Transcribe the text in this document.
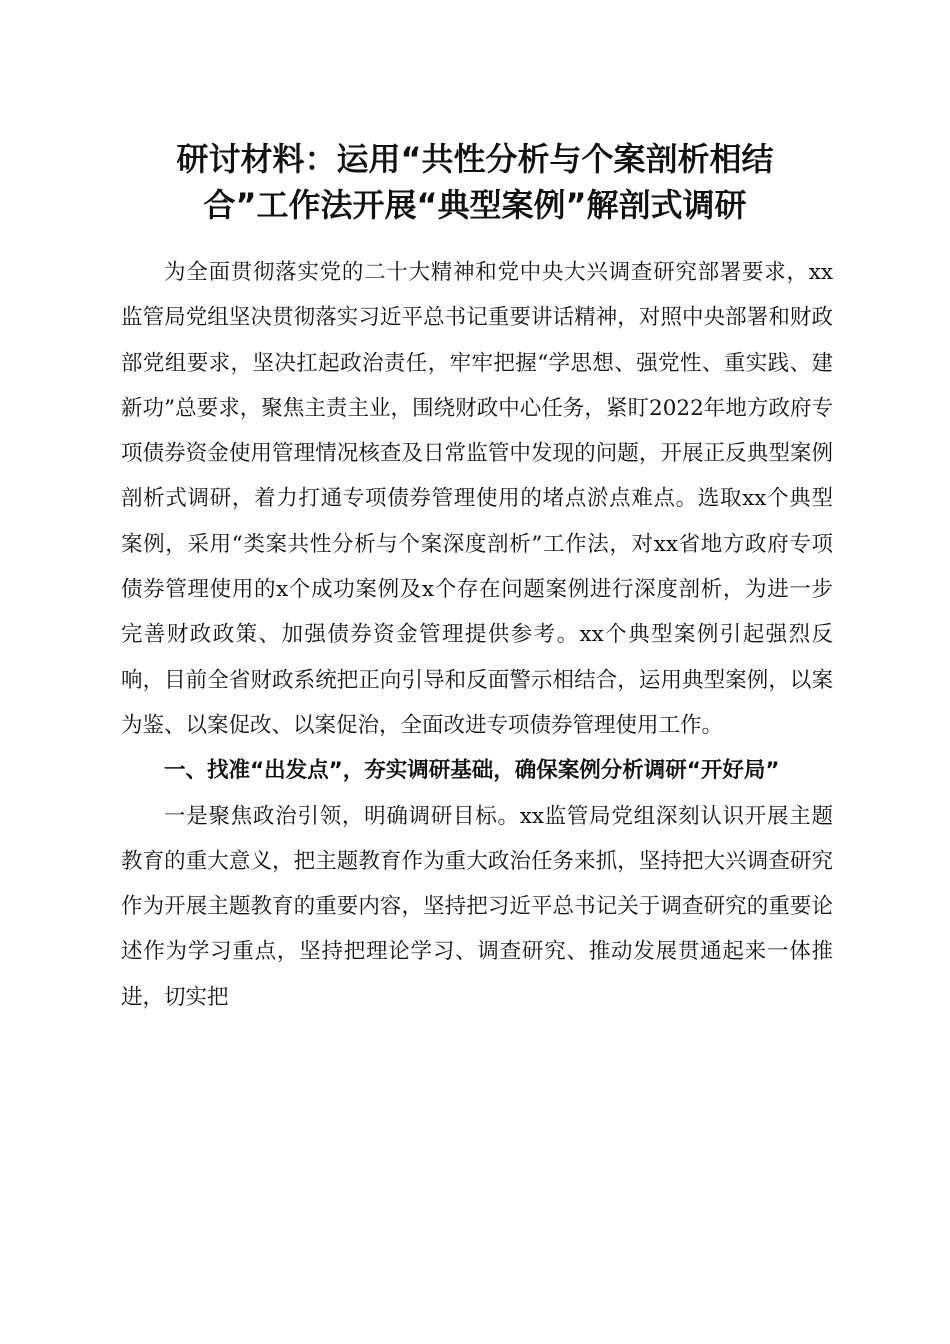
研讨材料：运用“共性分析与个案剖析相结
合”工作法开展“典型案例”解剖式调研

为全面贯彻落实党的二十大精神和党中央大兴调查研究部署要求，xx监管局党组坚决贯彻落实习近平总书记重要讲话精神，对照中央部署和财政部党组要求，坚决扛起政治责任，牢牢把握“学思想、强党性、重实践、建新功”总要求，聚焦主责主业，围绕财政中心任务，紧盯2022年地方政府专项债券资金使用管理情况核查及日常监管中发现的问题，开展正反典型案例剖析式调研，着力打通专项债券管理使用的堵点淤点难点。选取xx个典型案例，采用“类案共性分析与个案深度剖析”工作法，对xx省地方政府专项债券管理使用的x个成功案例及x个存在问题案例进行深度剖析，为进一步完善财政政策、加强债券资金管理提供参考。xx个典型案例引起强烈反响，目前全省财政系统把正向引导和反面警示相结合，运用典型案例，以案为鉴、以案促改、以案促治，全面改进专项债券管理使用工作。

一、找准“出发点”，夯实调研基础，确保案例分析调研“开好局”

一是聚焦政治引领，明确调研目标。xx监管局党组深刻认识开展主题教育的重大意义，把主题教育作为重大政治任务来抓，坚持把大兴调查研究作为开展主题教育的重要内容，坚持把习近平总书记关于调查研究的重要论述作为学习重点，坚持把理论学习、调查研究、推动发展贯通起来一体推进，切实把
